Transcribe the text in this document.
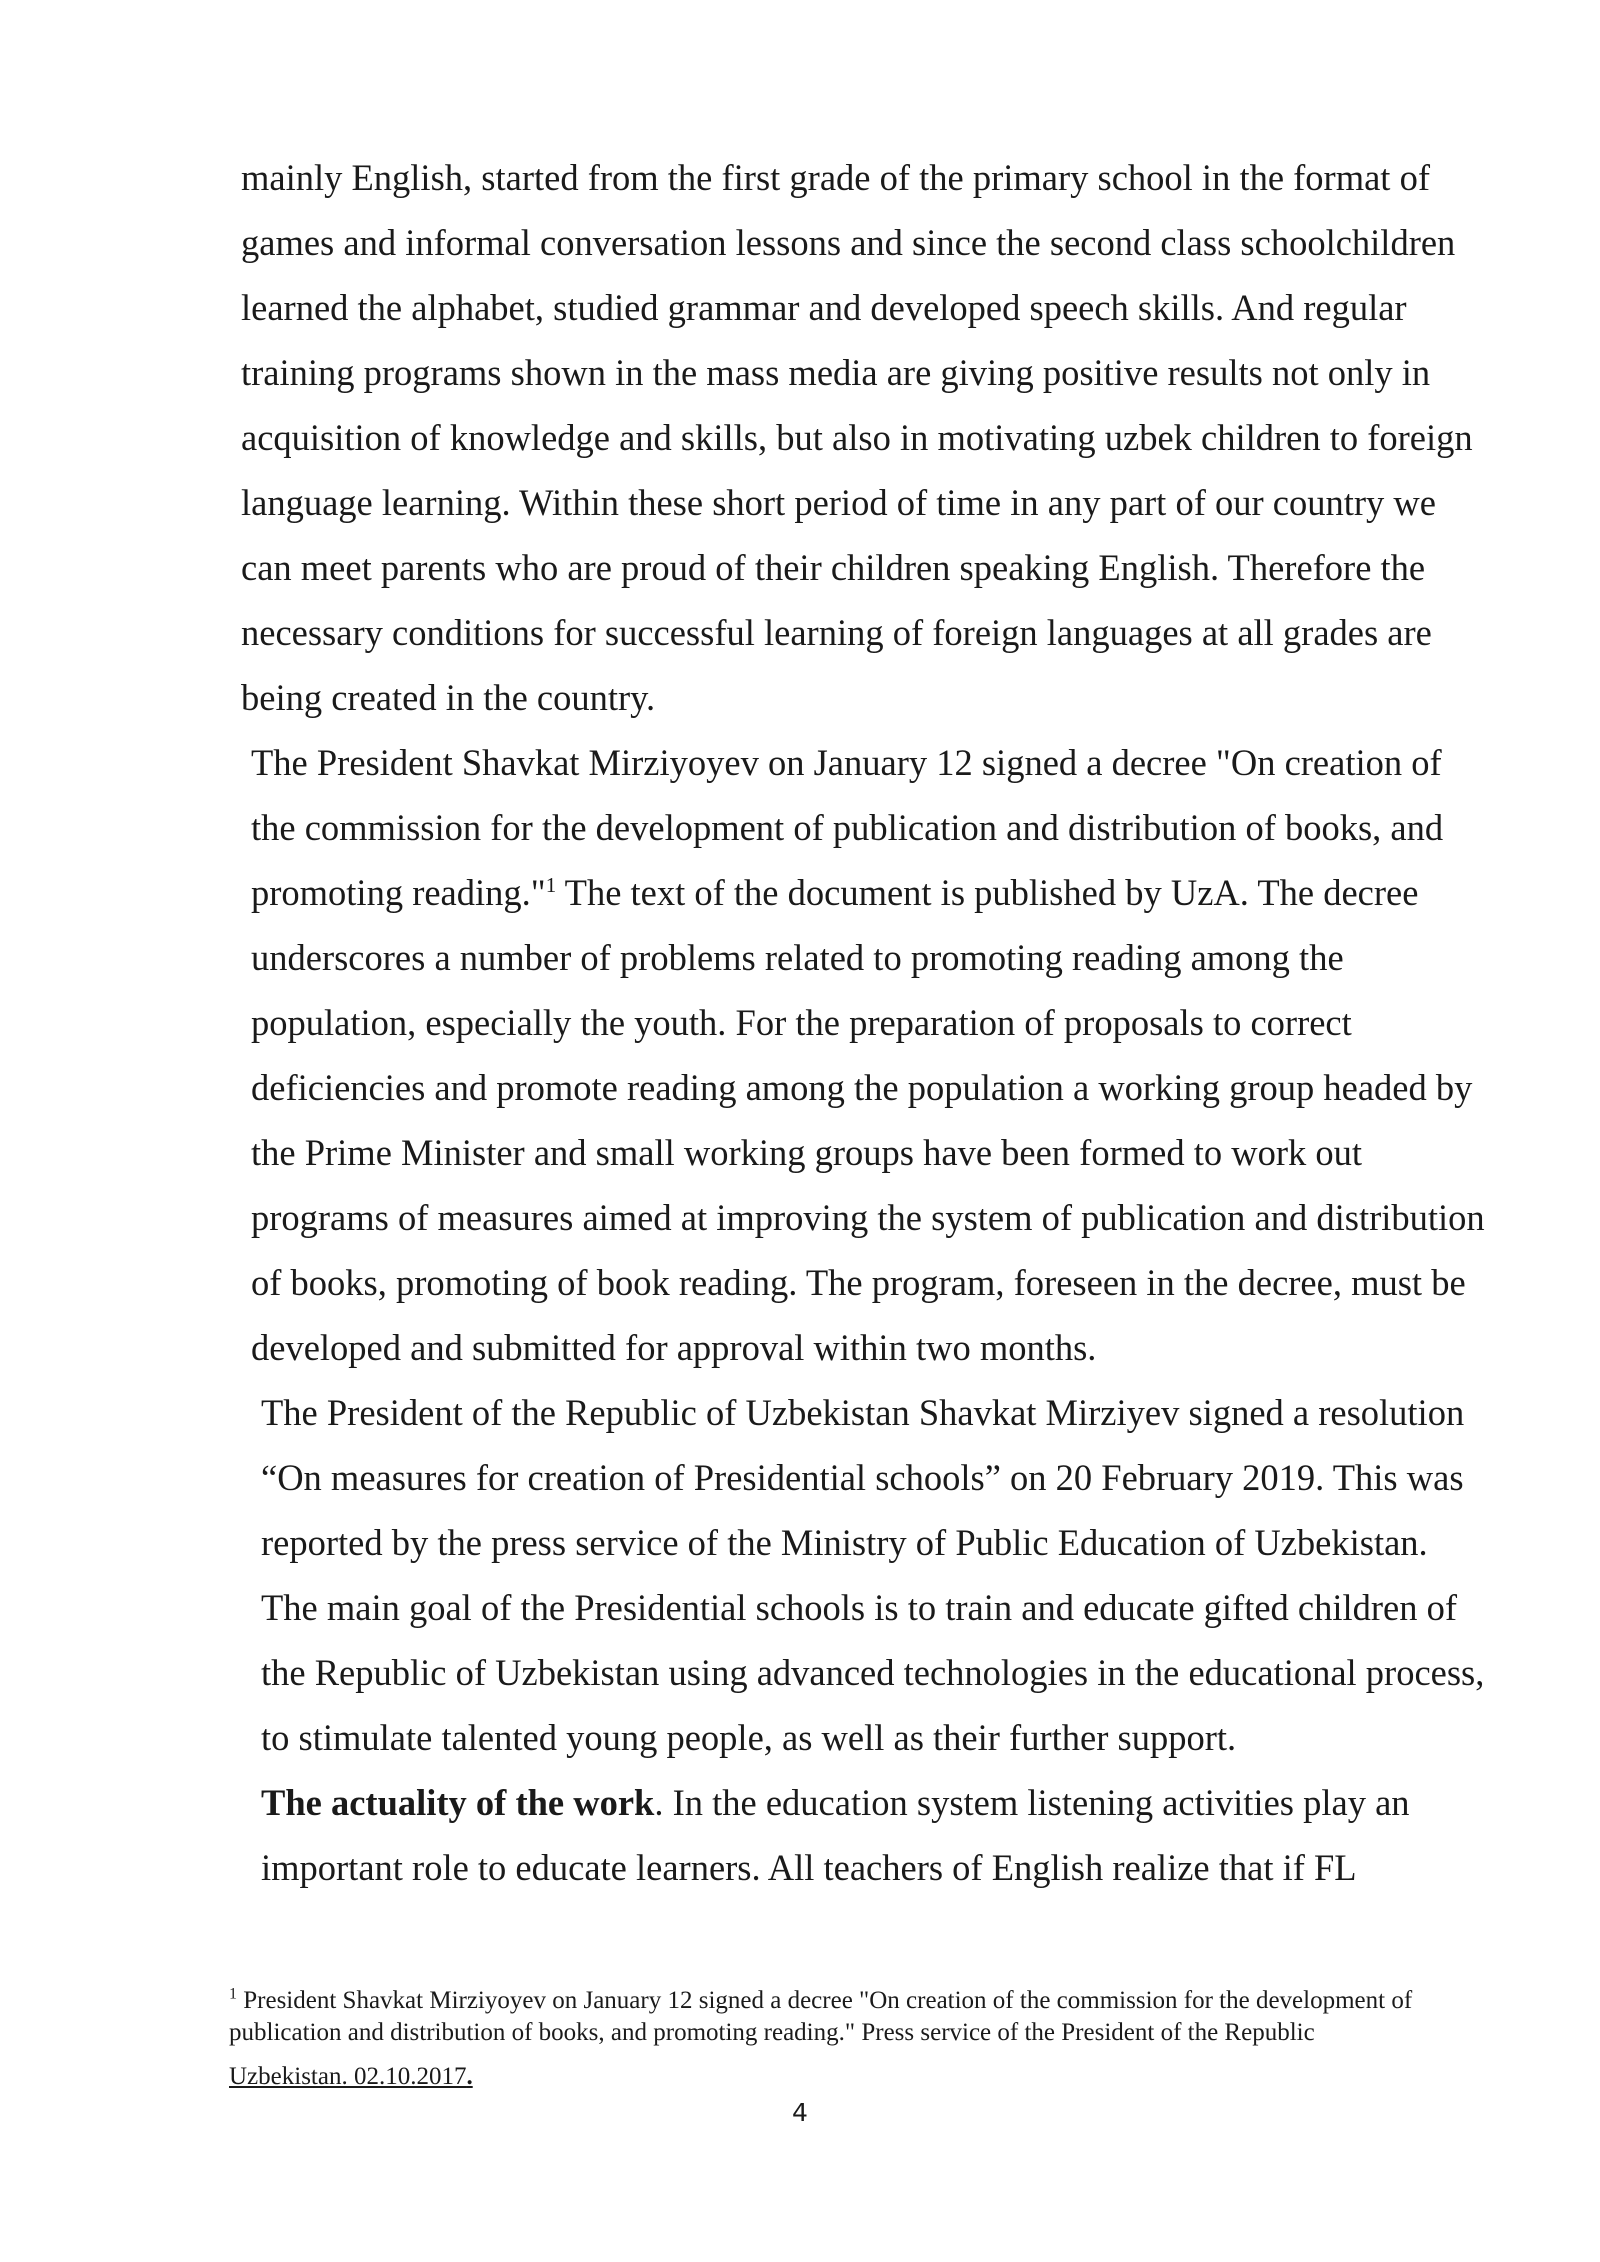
mainly English, started from the first grade of the primary school in the format of games and informal conversation lessons and since the second class schoolchildren learned the alphabet, studied grammar and developed speech skills. And regular training programs shown in the mass media are giving positive results not only in acquisition of knowledge and skills, but also in motivating uzbek children to foreign language learning. Within these short period of time in any part of our country we can meet parents who are proud of their children speaking English. Therefore the necessary conditions for successful learning of foreign languages at all grades are being created in the country.

The President Shavkat Mirziyoyev on January 12 signed a decree "On creation of the commission for the development of publication and distribution of books, and promoting reading."$^1$ The text of the document is published by UzA. The decree underscores a number of problems related to promoting reading among the population, especially the youth. For the preparation of proposals to correct deficiencies and promote reading among the population a working group headed by the Prime Minister and small working groups have been formed to work out programs of measures aimed at improving the system of publication and distribution of books, promoting of book reading. The program, foreseen in the decree, must be developed and submitted for approval within two months.

The President of the Republic of Uzbekistan Shavkat Mirziyev signed a resolution “On measures for creation of Presidential schools” on 20 February 2019. This was reported by the press service of the Ministry of Public Education of Uzbekistan. The main goal of the Presidential schools is to train and educate gifted children of the Republic of Uzbekistan using advanced technologies in the educational process, to stimulate talented young people, as well as their further support.

The actuality of the work. In the education system listening activities play an important role to educate learners. All teachers of English realize that if FL

$^1$ President Shavkat Mirziyoyev on January 12 signed a decree "On creation of the commission for the development of publication and distribution of books, and promoting reading." Press service of the President of the Republic
Uzbekistan. 02.10.2017.
4
